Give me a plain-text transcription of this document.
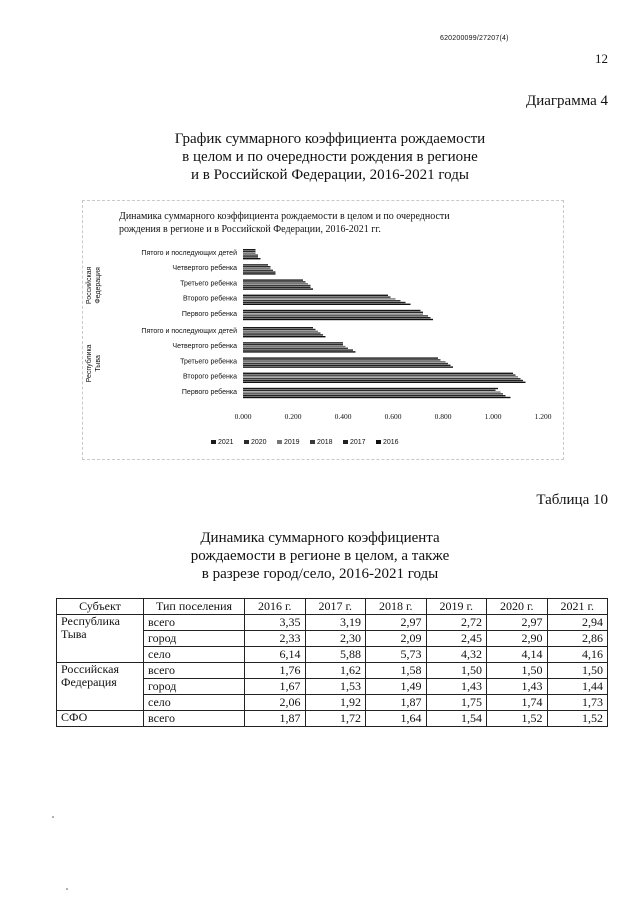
620200099/27207(4)
12
Диаграмма 4
График суммарного коэффициента рождаемости
в целом и по очередности рождения в регионе
и в Российской Федерации, 2016-2021 годы
Динамика суммарного коэффициента рождаемости в целом и по очередности
рождения в регионе и в Российской Федерации, 2016-2021 гг.
Пятого и последующих детей
Четвертого ребенка
Третьего ребенка
Второго ребенка
Первого ребенка
Пятого и последующих детей
Четвертого ребенка
Третьего ребенка
Второго ребенка
Первого ребенка
Российская Федерация
Республика Тыва
0.000	0.200	0.400	0.600	0.800	1.000	1.200
2021 2020 2019 2018 2017 2016
Таблица 10
Динамика суммарного коэффициента
рождаемости в регионе в целом, а также
в разрезе город/село, 2016-2021 годы
Субъект	Тип поселения	2016 г.	2017 г.	2018 г.	2019 г.	2020 г.	2021 г.

Республика
Тыва	всего	3,35	3,19	2,97	2,72	2,97	2,94
	город	2,33	2,30	2,09	2,45	2,90	2,86
	село	6,14	5,88	5,73	4,32	4,14	4,16

Российская
Федерация	всего	1,76	1,62	1,58	1,50	1,50	1,50
	город	1,67	1,53	1,49	1,43	1,43	1,44
	село	2,06	1,92	1,87	1,75	1,74	1,73

СФО	всего	1,87	1,72	1,64	1,54	1,52	1,52
